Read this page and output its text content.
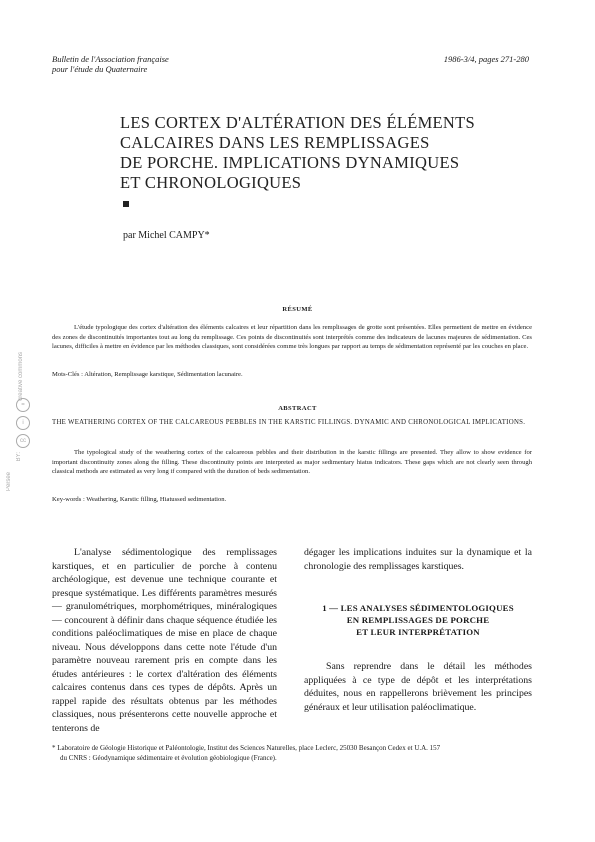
Bulletin de l'Association française
pour l'étude du Quaternaire
1986-3/4, pages 271-280
LES CORTEX D'ALTÉRATION DES ÉLÉMENTS
CALCAIRES DANS LES REMPLISSAGES
DE PORCHE. IMPLICATIONS DYNAMIQUES
ET CHRONOLOGIQUES
par Michel CAMPY*
RÉSUMÉ
L'étude typologique des cortex d'altération des éléments calcaires et leur répartition dans les remplissages de grotte sont présentées. Elles permettent de mettre en évidence des zones de discontinuités importantes tout au long du remplissage. Ces points de discontinuités sont interprétés comme des indicateurs de lacunes majeures de sédimentation. Ces lacunes, difficiles à mettre en évidence par les méthodes classiques, sont considérées comme très longues par rapport au temps de sédimentation représenté par les couches en place.
Mots-Clés : Altération, Remplissage karstique, Sédimentation lacunaire.
ABSTRACT
THE WEATHERING CORTEX OF THE CALCAREOUS PEBBLES IN THE KARSTIC FILLINGS. DYNAMIC AND CHRONOLOGICAL IMPLICATIONS.
The typological study of the weathering cortex of the calcareous pebbles and their distribution in the karstic fillings are presented. They allow to show evidence for important discontinuity zones along the filling. These discontinuity points are interpreted as major sedimentary hiatus indicators. These gaps which are not clearly seen through classical methods are estimated as very long if compared with the duration of beds sedimentation.
Key-words : Weathering, Karstic filling, Hiatussed sedimentation.
L'analyse sédimentologique des remplissages karstiques, et en particulier de porche à contenu archéologique, est devenue une technique courante et presque systématique. Les différents paramètres mesurés — granulométriques, morphométriques, minéralogiques — concourent à définir dans chaque séquence étudiée les conditions paléoclimatiques de mise en place de chaque niveau. Nous développons dans cette note l'étude d'un paramètre nouveau rarement pris en compte dans les études antérieures : le cortex d'altération des éléments calcaires contenus dans ces types de dépôts. Après un rappel rapide des résultats obtenus par les méthodes classiques, nous présenterons cette nouvelle approche et tenterons de
dégager les implications induites sur la dynamique et la chronologie des remplissages karstiques.
1 — LES ANALYSES SÉDIMENTOLOGIQUES
EN REMPLISSAGES DE PORCHE
ET LEUR INTERPRÉTATION
Sans reprendre dans le détail les méthodes appliquées à ce type de dépôt et les interprétations déduites, nous en rappellerons brièvement les principes généraux et leur utilisation paléoclimatique.
* Laboratoire de Géologie Historique et Paléontologie, Institut des Sciences Naturelles, place Leclerc, 25030 Besançon Cedex et U.A. 157
du CNRS : Géodynamique sédimentaire et évolution géobiologique (France).
Persée
cc
i
=
BY:
creative commons
